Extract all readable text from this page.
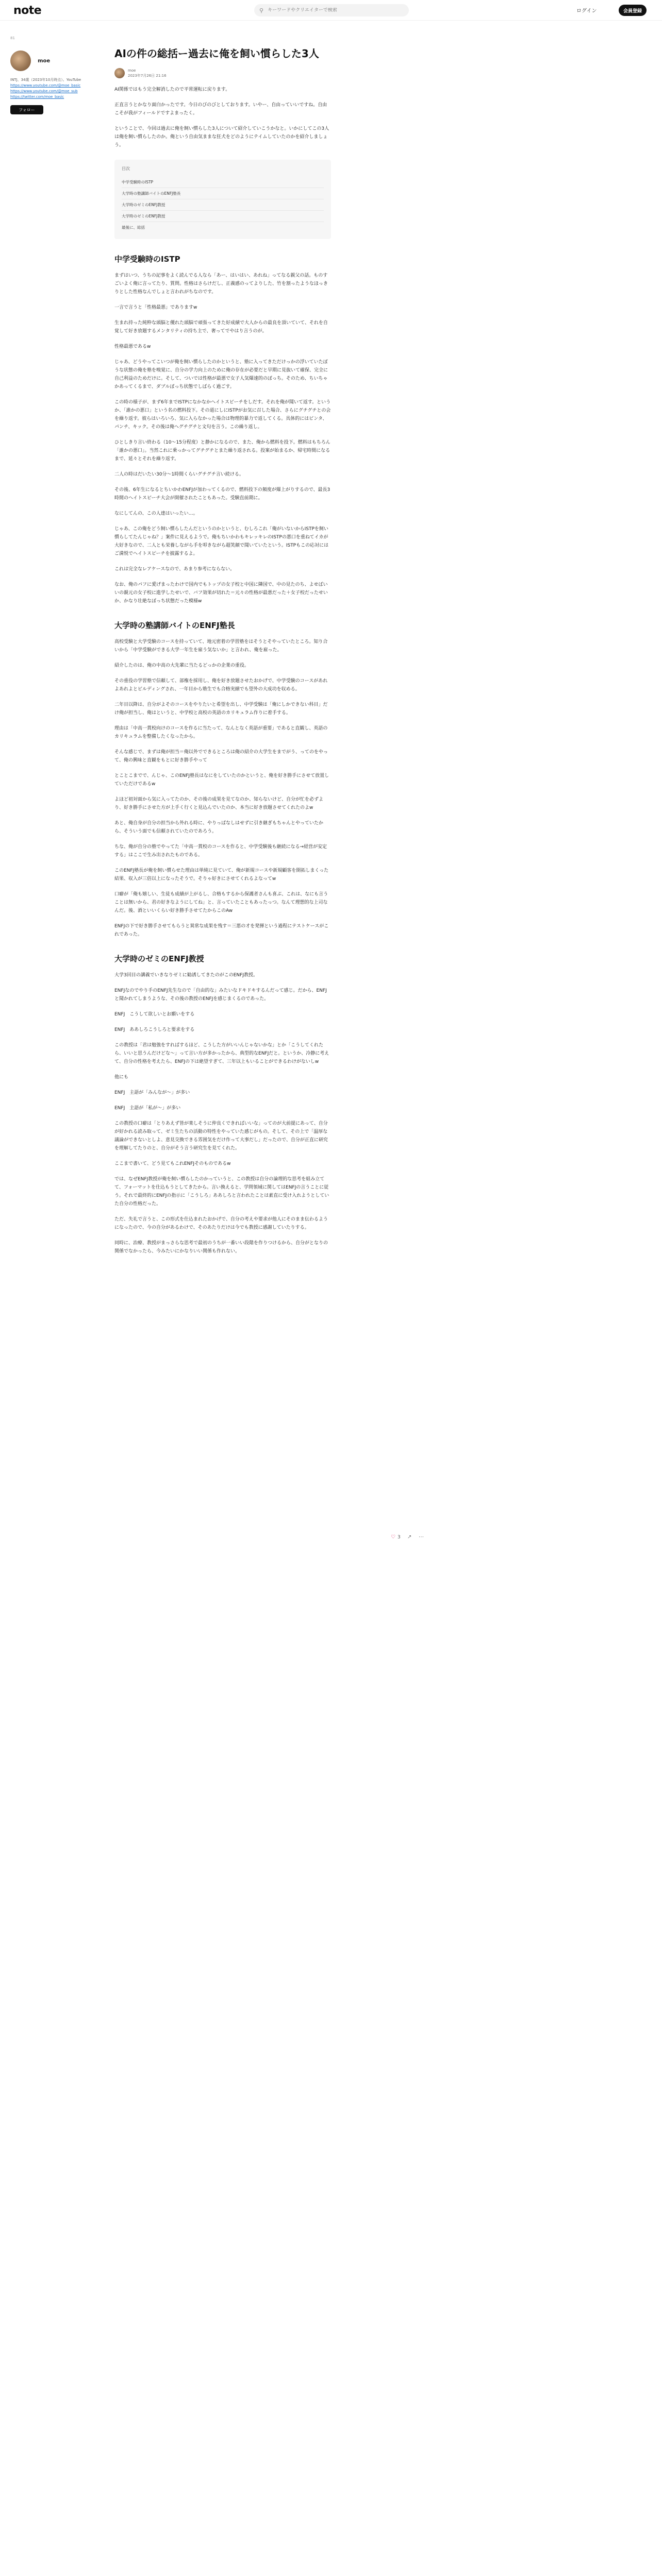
note	⚲
キーワードやクリエイターで検索	ログイン	会員登録
81
moe
INTJ、34歳（2023年10月時点）。YouTube
https://www.youtube.com/@moe_basic
https://www.youtube.com/@moe_sub
https://twitter.com/moe_basic
フォロー
AIの件の総括ー過去に俺を飼い慣らした3人
moe
2023年7月26日 21:16
AI関係ではもう完全解消したので平常運転に戻ります。
正直言うとかなり面白かったです。今日のびのびとしております。いやー、自由っていいですね。自由こそが我がフィールドですよまったく。
ということで、今回は過去に俺を飼い慣らした3人について紹介していこうかなと。いかにしてこの3人は俺を飼い慣らしたのか。俺という自由気ままな狂犬をどのようにテイムしていたのかを紹介しましょう。
目次
中学受験時のISTP
大学時の塾講師バイトのENFJ塾長
大学時のゼミのENFJ教授
大学時のゼミのENFJ教授
最後に、総括
中学受験時のISTP
まずはいつ、うちの記事をよく読んでる人なら「あー、はいはい、あれね」ってなる親父の話。ものすごいよく俺に言ってたり、質問。性格はさらけだし、正義感のってよりした、竹を割ったようなほっきりとした性格なんでしょと言われがちなのです。
一言で言うと「性格最悪」でありますw
生まれ持った純粋な頭脳と優れた頭脳で頑張ってきた好成績で大人からの最良を頂いていて、それを自覚して好き放題するメンタリティの持ち主で、奢ってでやはり言うのが。
性格最悪であるw
じゃあ、どうやってこいつが俺を飼い慣らしたのかというと、塾に入ってきただけっかの浮いていたぼうな状態の俺を塾を嗅覚に、自分の学力向上のために俺の存在が必要だと早期に見抜いて確保、完全に自己利益のためだけに。そして、ついでは性格が最悪で女子人気爆速的のぼっち。そのため、ちいちゃかあってくるまで、ダブルぼっち状態でしばらく過ごす。
この時の様子が、まず6年までISTPになかなかヘイトスピーチをしだす。それを俺が聞いて返す。というか、「誰かの悪口」という名の燃料投下。その道にしにISTPがお気に召した場合、さらにグチグチとの会を繰り返す。彼らはいろいろ、気に入らなかった場合は物理的暴力で返してくる。具体的にはビンタ、パンチ、キック。その後は俺へグチグチと文句を言う。この繰り返し。
ひとしきり言い終わる（10～15分程度）と静かになるので、また、俺から燃料を投下。燃料はもちろん「誰かの悪口」。当然これに乗っかってグチグチとまた繰り返される。投案が始まるか、帰宅時間になるまで、延々とそれを繰り返す。
二人の時はだいたい30分～1時間くらいグチグチ言い続ける。
その後、6年生になるとちいかわENFJが加わってくるので、燃料投下の頻度が爆上がりするので、最長3時間のヘイトスピーチ大会が開催されたこともあった。受験直前期に。
なにしてんの、この人達はいったい…。
じゃあ、この俺をどう飼い慣らしたんだというのかというと、むしろこれ「俺がいないからISTPを飼い慣らしてたんじゃね？」案件に見えるようで。俺もちいかわもキレッキレのISTPの悪口を重ねてイカが大好きなので、二人とも栄養しながら手を叩きながら超笑顔で聞いていたという。ISTPもこの応対にはご満悦でヘイトスピーチを披露するよ。
これは完全なレアケースなので、あまり参考にならない。
なお、俺のパフに愛げまったわけで国内でもトップの女子校と中国に隣国で、中の見たのち、よせばいいの親元の女子校に進学したせいで、バフ効果が切れた＝元々の性格が最悪だった＋女子校だったせいか、かなり壮絶なぼっち状態だった模様w
大学時の塾講師バイトのENFJ塾長
高校受験と大学受験のコースを持っていて、地元密着の学習塾をはそうとそやっていたところ。知り合いから「中学受験ができる大学一年生を雇う気ないか」と言われ、俺を雇った。
紹介したのは、俺の中高の大先輩に当たるどっかの企業の重役。
その重役の学習塾で信頼して、部権を採用し、俺を好き放題させたおかげで、中学受験のコースがあれよあれよとビルディングされ、一年目から塾生でも合格実績でも望外の大成功を収める。
二年目以降は、自分がよそのコースをやりたいと希望を出し、中学受験は「俺にしかできない科目」だけ俺が担当し、俺はというと、中学校と高校の英語のカリキュラム作りに着手する。
理由は「中高一貫校向けのコースを作るに当たって、なんとなく英語が重要」であると直観し、英語のカリキュラムを整備したくなったから。
そんな感じで、まずは俺が担当＝俺以外でできるところは俺の紹介の大学生をまでがう、ってのをやって、俺の興味と直観をもとに好き勝手やって
とことこまでで、んじゃ、このENFJ塾長はなにをしていたのかというと、俺を好き勝手にさせて放置していただけであるw
よほど初対面から気に入ってたのか、その後の成果を見てなのか、知らないけど、自分が忙を必ずより、好き勝手にさせた方が上手く行くと見込んでいたのか、本当に好き放題させてくれたのよw
あと、俺自身が自分の担当から外れる時に、やりっぱなしはせずに引き継ぎもちゃんとやっていたから、そういう面でも信頼されていたのであろう。
ちな、俺が自分の塾でやってた「中高一貫校のコースを作ると、中学受験後も継続になる→経営が安定する」はここで生み出されたものである。
このENFJ塾長が俺を飼い慣らせた理由は単純に見ていて、俺が新規コースや新規顧客を開拓しまくった結果、収入が三倍以上になったそうで。そりゃ好きにさせてくれるよなってw
口癖が「俺も嬉しい、生徒も成績が上がるし、合格もするから保護者さんも喜ぶ、これは、なにも言うことは無いから、君の好きなようにしてね」と、言っていたこともあったっつ。なんて理想的な上司なんだ。後、酒といいくらい好き勝手させてたからこのAw
ENFJの下で好き勝手させてもらうと異常な成果を残す＝三悪の才を発揮という過程にテストケースがこれであった。
大学時のゼミのENFJ教授
大学3回目の講義でいきなりゼミに勧誘してきたのがこのENFJ教授。
ENFJなのでやり手のENFJ先生なので「自由的な」みたいなドキドキするんだって感じ。だから、ENFJと聞かれてしまうような、その後の教授のENFJを感じまくるのであった。
ENFJ　こうして欲しいとお願いをする
ENFJ　ああしろこうしろと要求をする
この教授は「君は勉強をすればするほど、こうした方がいいんじゃないかな」とか「こうしてくれたら、いいと思うんだけどな～」って言い方が多かったから、典型的なENFJだと。というか、冷静に考えて、自分の性格を考えたら、ENFJの下は絶望すぎて、三年以上もいることができるわけがないしw
他にも
ENFJ　主語が「みんなが～」が多い
ENFJ　主語が「私が～」が多い
この教授の口癖は「とりあえず皆が楽しそうに仲良くできればいいな」ってのが大前提にあって、自分が好かれる読み取って、ゼミ生たちの活動の特性をやっていた感じがもの。そして、その上で「温厚な議論ができないとしよ、意見交換できる雰囲気をだけ作って大事だし」だったので、自分が正直に研究を理解してたりのと、自分がそう言う研究生を見てくれた。
ここまで書いて、どう見てもこれENFJそのものであるw
では、なぜENFJ教授が俺を飼い慣らしたのかっていうと、この教授は自分の論理的な思考を組み立てて、フォーマットを仕込もうとしてきたから。言い換えると、学問領域に関してはENFJの言うことに従う。それで最終的にENFJの指示に「こうしろ」ああしろと言われたことは素直に受け入れようとしていた自分の性格だった。
ただ、失礼で言うと、この形式を仕込まれたおかげで、自分の考えや要求が他人にそのまま伝わるようになったので、今の自分があるわけで、そのあたりだけは今でも教授に感謝していたりする。
同時に、治療、教授がまっさらな思考で最初のうちが一番いい段階を作りつけるから、自分がとなりの関係でなかったら、今みたいにかなりいい関係も作れない。
♡ 3 ↗ ⋯
